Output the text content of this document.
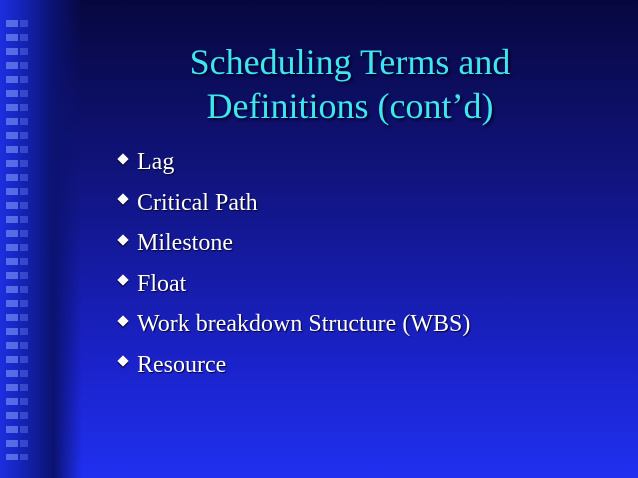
Scheduling Terms and
Definitions (cont’d)
Lag
Critical Path
Milestone
Float
Work breakdown Structure (WBS)
Resource
